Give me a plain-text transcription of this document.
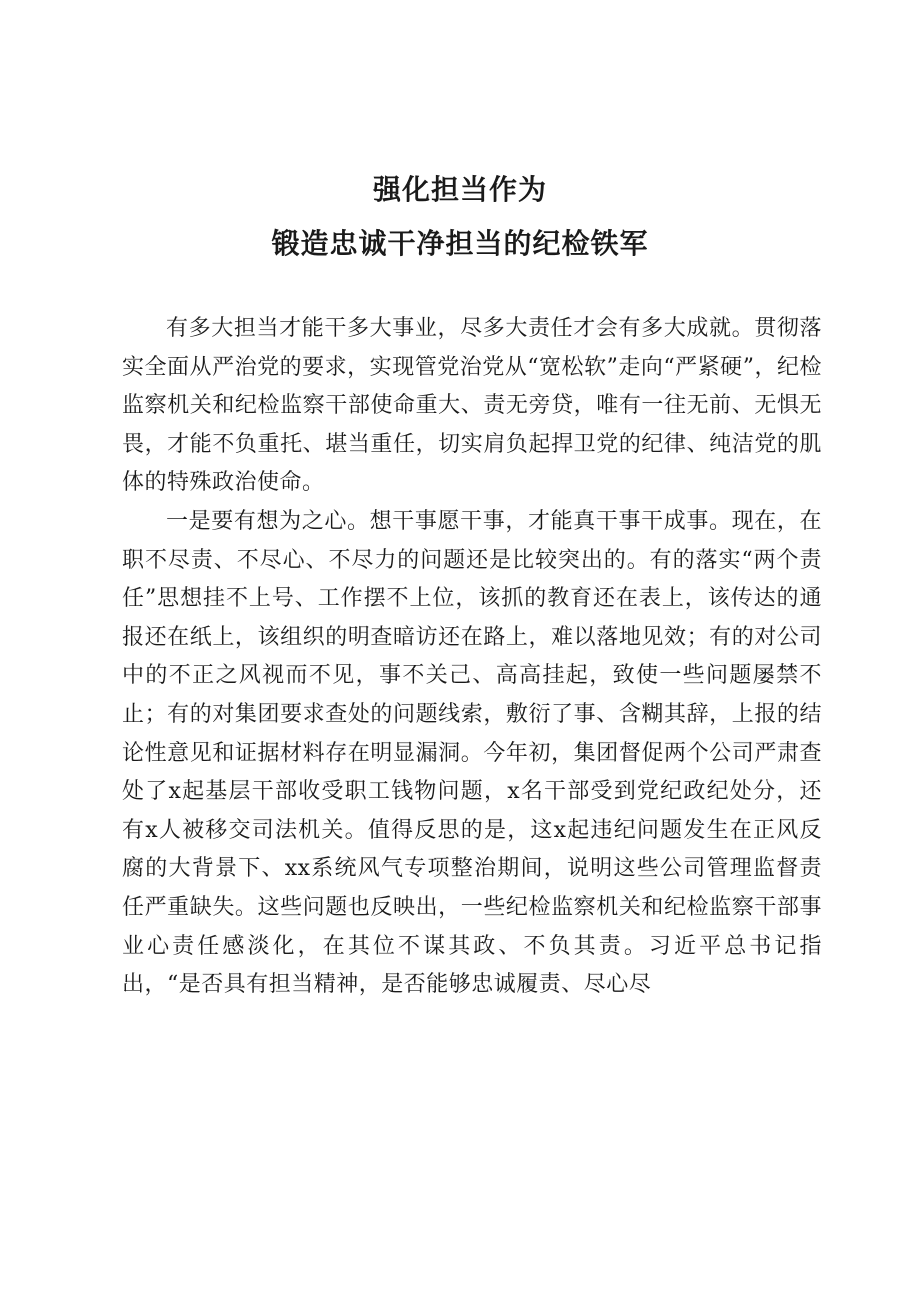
强化担当作为
锻造忠诚干净担当的纪检铁军

有多大担当才能干多大事业，尽多大责任才会有多大成就。贯彻落实全面从严治党的要求，实现管党治党从“宽松软”走向“严紧硬”，纪检监察机关和纪检监察干部使命重大、责无旁贷，唯有一往无前、无惧无畏，才能不负重托、堪当重任，切实肩负起捍卫党的纪律、纯洁党的肌体的特殊政治使命。

一是要有想为之心。想干事愿干事，才能真干事干成事。现在，在职不尽责、不尽心、不尽力的问题还是比较突出的。有的落实“两个责任”思想挂不上号、工作摆不上位，该抓的教育还在表上，该传达的通报还在纸上，该组织的明查暗访还在路上，难以落地见效；有的对公司中的不正之风视而不见，事不关己、高高挂起，致使一些问题屡禁不止；有的对集团要求查处的问题线索，敷衍了事、含糊其辞，上报的结论性意见和证据材料存在明显漏洞。今年初，集团督促两个公司严肃查处了x起基层干部收受职工钱物问题，x名干部受到党纪政纪处分，还有x人被移交司法机关。值得反思的是，这x起违纪问题发生在正风反腐的大背景下、xx系统风气专项整治期间，说明这些公司管理监督责任严重缺失。这些问题也反映出，一些纪检监察机关和纪检监察干部事业心责任感淡化，在其位不谋其政、不负其责。习近平总书记指出，“是否具有担当精神，是否能够忠诚履责、尽心尽
